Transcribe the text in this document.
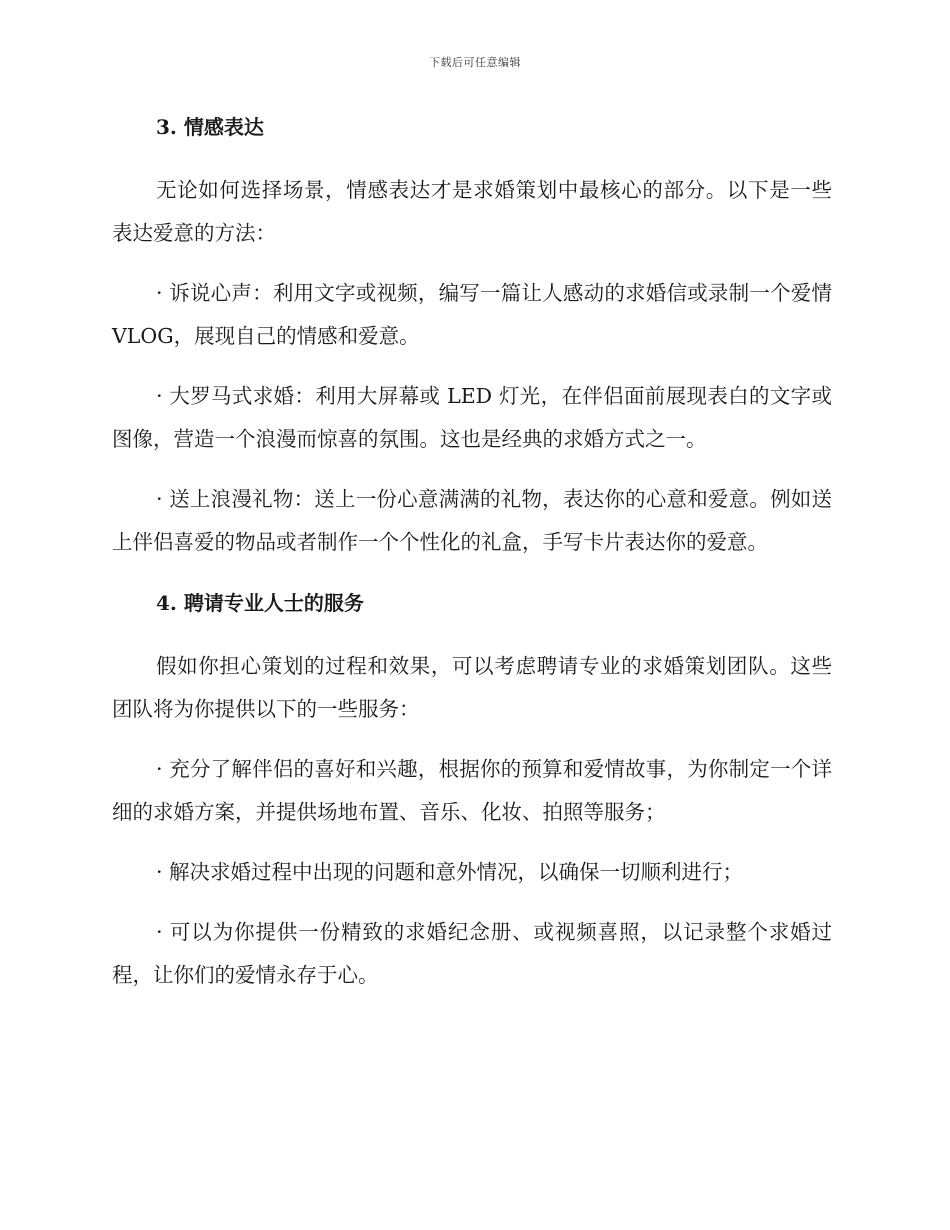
下载后可任意编辑
3. 情感表达

无论如何选择场景，情感表达才是求婚策划中最核心的部分。以下是一些表达爱意的方法：

· 诉说心声：利用文字或视频，编写一篇让人感动的求婚信或录制一个爱情 VLOG，展现自己的情感和爱意。

· 大罗马式求婚：利用大屏幕或 LED 灯光，在伴侣面前展现表白的文字或图像，营造一个浪漫而惊喜的氛围。这也是经典的求婚方式之一。

· 送上浪漫礼物：送上一份心意满满的礼物，表达你的心意和爱意。例如送上伴侣喜爱的物品或者制作一个个性化的礼盒，手写卡片表达你的爱意。

4. 聘请专业人士的服务

假如你担心策划的过程和效果，可以考虑聘请专业的求婚策划团队。这些团队将为你提供以下的一些服务：

· 充分了解伴侣的喜好和兴趣，根据你的预算和爱情故事，为你制定一个详细的求婚方案，并提供场地布置、音乐、化妆、拍照等服务；

· 解决求婚过程中出现的问题和意外情况，以确保一切顺利进行；

· 可以为你提供一份精致的求婚纪念册、或视频喜照，以记录整个求婚过程，让你们的爱情永存于心。
